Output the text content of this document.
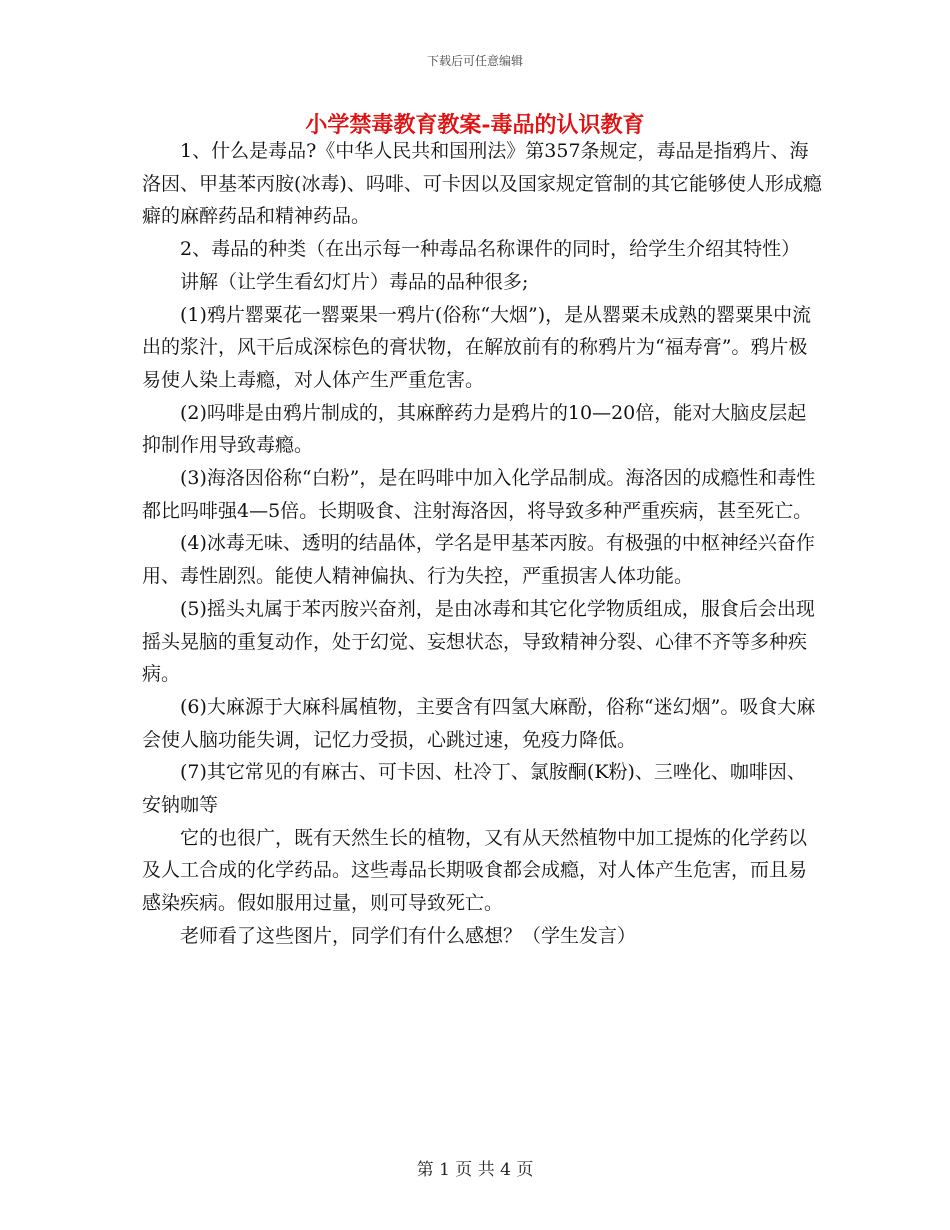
下载后可任意编辑
小学禁毒教育教案-毒品的认识教育

1、什么是毒品?《中华人民共和国刑法》第357条规定，毒品是指鸦片、海洛因、甲基苯丙胺(冰毒)、吗啡、可卡因以及国家规定管制的其它能够使人形成瘾癖的麻醉药品和精神药品。

2、毒品的种类（在出示每一种毒品名称课件的同时，给学生介绍其特性）

讲解（让学生看幻灯片）毒品的品种很多;

(1)鸦片罂粟花一罂粟果一鸦片(俗称“大烟”)，是从罂粟未成熟的罂粟果中流出的浆汁，风干后成深棕色的膏状物，在解放前有的称鸦片为“福寿膏”。鸦片极易使人染上毒瘾，对人体产生严重危害。

(2)吗啡是由鸦片制成的，其麻醉药力是鸦片的10—20倍，能对大脑皮层起抑制作用导致毒瘾。

(3)海洛因俗称“白粉”，是在吗啡中加入化学品制成。海洛因的成瘾性和毒性都比吗啡强4—5倍。长期吸食、注射海洛因，将导致多种严重疾病，甚至死亡。

(4)冰毒无味、透明的结晶体，学名是甲基苯丙胺。有极强的中枢神经兴奋作用、毒性剧烈。能使人精神偏执、行为失控，严重损害人体功能。

(5)摇头丸属于苯丙胺兴奋剂，是由冰毒和其它化学物质组成，服食后会出现摇头晃脑的重复动作，处于幻觉、妄想状态，导致精神分裂、心律不齐等多种疾病。

(6)大麻源于大麻科属植物，主要含有四氢大麻酚，俗称“迷幻烟”。吸食大麻会使人脑功能失调，记忆力受损，心跳过速，免疫力降低。

(7)其它常见的有麻古、可卡因、杜冷丁、氯胺酮(K粉)、三唑化、咖啡因、安钠咖等

它的也很广，既有天然生长的植物，又有从天然植物中加工提炼的化学药以及人工合成的化学药品。这些毒品长期吸食都会成瘾，对人体产生危害，而且易感染疾病。假如服用过量，则可导致死亡。

老师看了这些图片，同学们有什么感想？（学生发言）

第 1 页 共 4 页
